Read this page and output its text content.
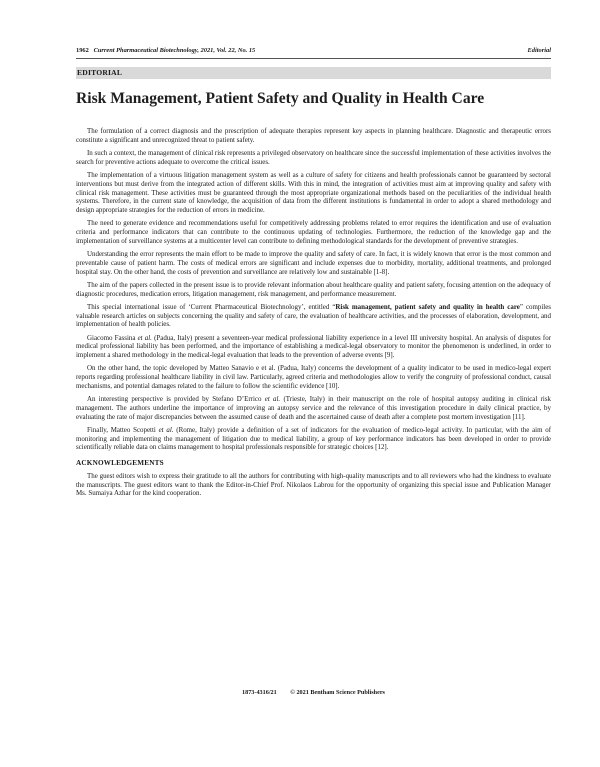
1962 Current Pharmaceutical Biotechnology, 2021, Vol. 22, No. 15	Editorial
EDITORIAL
Risk Management, Patient Safety and Quality in Health Care

The formulation of a correct diagnosis and the prescription of adequate therapies represent key aspects in planning healthcare. Diagnostic and therapeutic errors constitute a significant and unrecognized threat to patient safety.

In such a context, the management of clinical risk represents a privileged observatory on healthcare since the successful implementation of these activities involves the search for preventive actions adequate to overcome the critical issues.

The implementation of a virtuous litigation management system as well as a culture of safety for citizens and health professionals cannot be guaranteed by sectoral interventions but must derive from the integrated action of different skills. With this in mind, the integration of activities must aim at improving quality and safety with clinical risk management. These activities must be guaranteed through the most appropriate organizational methods based on the peculiarities of the individual health systems. Therefore, in the current state of knowledge, the acquisition of data from the different institutions is fundamental in order to adopt a shared methodology and design appropriate strategies for the reduction of errors in medicine.

The need to generate evidence and recommendations useful for competitively addressing problems related to error requires the identification and use of evaluation criteria and performance indicators that can contribute to the continuous updating of technologies. Furthermore, the reduction of the knowledge gap and the implementation of surveillance systems at a multicenter level can contribute to defining methodological standards for the development of preventive strategies.

Understanding the error represents the main effort to be made to improve the quality and safety of care. In fact, it is widely known that error is the most common and preventable cause of patient harm. The costs of medical errors are significant and include expenses due to morbidity, mortality, additional treatments, and prolonged hospital stay. On the other hand, the costs of prevention and surveillance are relatively low and sustainable [1-8].

The aim of the papers collected in the present issue is to provide relevant information about healthcare quality and patient safety, focusing attention on the adequacy of diagnostic procedures, medication errors, litigation management, risk management, and performance measurement.

This special international issue of ‘Current Pharmaceutical Biotechnology’, entitled “Risk management, patient safety and quality in health care” compiles valuable research articles on subjects concerning the quality and safety of care, the evaluation of healthcare activities, and the processes of elaboration, development, and implementation of health policies.

Giacomo Fassina et al. (Padua, Italy) present a seventeen-year medical professional liability experience in a level III university hospital. An analysis of disputes for medical professional liability has been performed, and the importance of establishing a medical-legal observatory to monitor the phenomenon is underlined, in order to implement a shared methodology in the medical-legal evaluation that leads to the prevention of adverse events [9].

On the other hand, the topic developed by Matteo Sanavio e et al. (Padua, Italy) concerns the development of a quality indicator to be used in medico-legal expert reports regarding professional healthcare liability in civil law. Particularly, agreed criteria and methodologies allow to verify the congruity of professional conduct, causal mechanisms, and potential damages related to the failure to follow the scientific evidence [10].

An interesting perspective is provided by Stefano D’Errico et al. (Trieste, Italy) in their manuscript on the role of hospital autopsy auditing in clinical risk management. The authors underline the importance of improving an autopsy service and the relevance of this investigation procedure in daily clinical practice, by evaluating the rate of major discrepancies between the assumed cause of death and the ascertained cause of death after a complete post mortem investigation [11].

Finally, Matteo Scopetti et al. (Rome, Italy) provide a definition of a set of indicators for the evaluation of medico-legal activity. In particular, with the aim of monitoring and implementing the management of litigation due to medical liability, a group of key performance indicators has been developed in order to provide scientifically reliable data on claims management to hospital professionals responsible for strategic choices [12].

ACKNOWLEDGEMENTS

The guest editors wish to express their gratitude to all the authors for contributing with high-quality manuscripts and to all reviewers who had the kindness to evaluate the manuscripts. The guest editors want to thank the Editor-in-Chief Prof. Nikolaos Labrou for the opportunity of organizing this special issue and Publication Manager Ms. Sumaiya Azhar for the kind cooperation.

1873-4316/21 © 2021 Bentham Science Publishers
